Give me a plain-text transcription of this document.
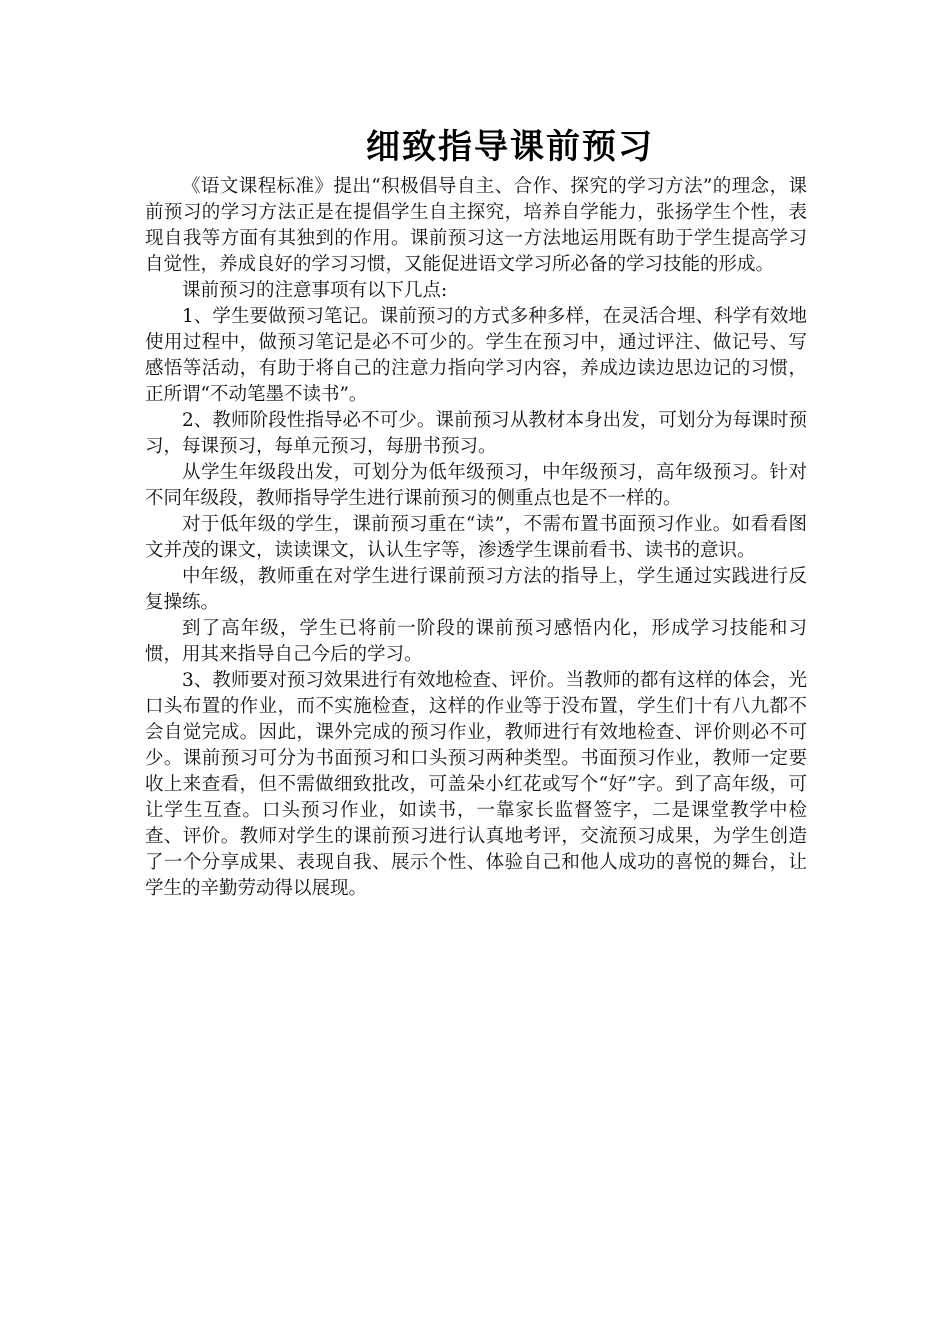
细致指导课前预习

《语文课程标准》提出“积极倡导自主、合作、探究的学习方法”的理念，课前预习的学习方法正是在提倡学生自主探究，培养自学能力，张扬学生个性，表现自我等方面有其独到的作用。课前预习这一方法地运用既有助于学生提高学习自觉性，养成良好的学习习惯，又能促进语文学习所必备的学习技能的形成。

课前预习的注意事项有以下几点:

1、学生要做预习笔记。课前预习的方式多种多样，在灵活合埋、科学有效地使用过程中，做预习笔记是必不可少的。学生在预习中，通过评注、做记号、写感悟等活动，有助于将自己的注意力指向学习内容，养成边读边思边记的习惯，正所谓“不动笔墨不读书”。

2、教师阶段性指导必不可少。课前预习从教材本身出发，可划分为每课时预习，每课预习，每单元预习，每册书预习。

从学生年级段出发，可划分为低年级预习，中年级预习，高年级预习。针对不同年级段，教师指导学生进行课前预习的侧重点也是不一样的。

对于低年级的学生，课前预习重在“读”，不需布置书面预习作业。如看看图文并茂的课文，读读课文，认认生字等，渗透学生课前看书、读书的意识。

中年级，教师重在对学生进行课前预习方法的指导上，学生通过实践进行反复操练。

到了高年级，学生已将前一阶段的课前预习感悟内化，形成学习技能和习惯，用其来指导自己今后的学习。

3、教师要对预习效果进行有效地检查、评价。当教师的都有这样的体会，光口头布置的作业，而不实施检查，这样的作业等于没布置，学生们十有八九都不会自觉完成。因此，课外完成的预习作业，教师进行有效地检查、评价则必不可少。课前预习可分为书面预习和口头预习两种类型。书面预习作业，教师一定要收上来查看，但不需做细致批改，可盖朵小红花或写个“好”字。到了高年级，可让学生互查。口头预习作业，如读书，一靠家长监督签字，二是课堂教学中检查、评价。教师对学生的课前预习进行认真地考评，交流预习成果，为学生创造了一个分享成果、表现自我、展示个性、体验自己和他人成功的喜悦的舞台，让学生的辛勤劳动得以展现。
